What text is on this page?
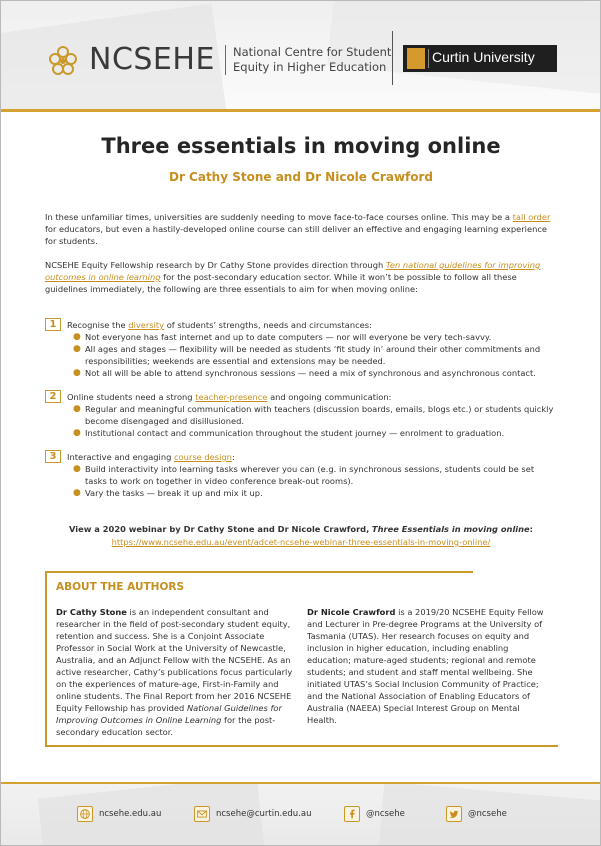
NCSEHE National Centre for Student
Equity in Higher Education
Curtin University
Three essentials in moving online
Dr Cathy Stone and Dr Nicole Crawford
In these unfamiliar times, universities are suddenly needing to move face-to-face courses online. This may be a tall order for educators, but even a hastily-developed online course can still deliver an effective and engaging learning experience for students.
NCSEHE Equity Fellowship research by Dr Cathy Stone provides direction through Ten national guidelines for improving outcomes in online learning for the post-secondary education sector. While it won’t be possible to follow all these guidelines immediately, the following are three essentials to aim for when moving online:
1	Recognise the diversity of students’ strengths, needs and circumstances:
● Not everyone has fast internet and up to date computers — nor will everyone be very tech-savvy.
● All ages and stages — flexibility will be needed as students ‘fit study in’ around their other commitments and responsibilities; weekends are essential and extensions may be needed.
● Not all will be able to attend synchronous sessions — need a mix of synchronous and asynchronous contact.
2	Online students need a strong teacher-presence and ongoing communication:
● Regular and meaningful communication with teachers (discussion boards, emails, blogs etc.) or students quickly become disengaged and disillusioned.
● Institutional contact and communication throughout the student journey — enrolment to graduation.
3	Interactive and engaging course design:
● Build interactivity into learning tasks wherever you can (e.g. in synchronous sessions, students could be set tasks to work on together in video conference break-out rooms).
● Vary the tasks — break it up and mix it up.
View a 2020 webinar by Dr Cathy Stone and Dr Nicole Crawford, Three Essentials in moving online:
https://www.ncsehe.edu.au/event/adcet-ncsehe-webinar-three-essentials-in-moving-online/
ABOUT THE AUTHORS
Dr Cathy Stone is an independent consultant and researcher in the field of post-secondary student equity, retention and success. She is a Conjoint Associate Professor in Social Work at the University of Newcastle, Australia, and an Adjunct Fellow with the NCSEHE. As an active researcher, Cathy’s publications focus particularly on the experiences of mature-age, First-in-Family and online students. The Final Report from her 2016 NCSEHE Equity Fellowship has provided National Guidelines for Improving Outcomes in Online Learning for the post-secondary education sector.
Dr Nicole Crawford is a 2019/20 NCSEHE Equity Fellow and Lecturer in Pre-degree Programs at the University of Tasmania (UTAS). Her research focuses on equity and inclusion in higher education, including enabling education; mature-aged students; regional and remote students; and student and staff mental wellbeing. She initiated UTAS’s Social Inclusion Community of Practice; and the National Association of Enabling Educators of Australia (NAEEA) Special Interest Group on Mental Health.
ncsehe.edu.au	ncsehe@curtin.edu.au	@ncsehe	@ncsehe
